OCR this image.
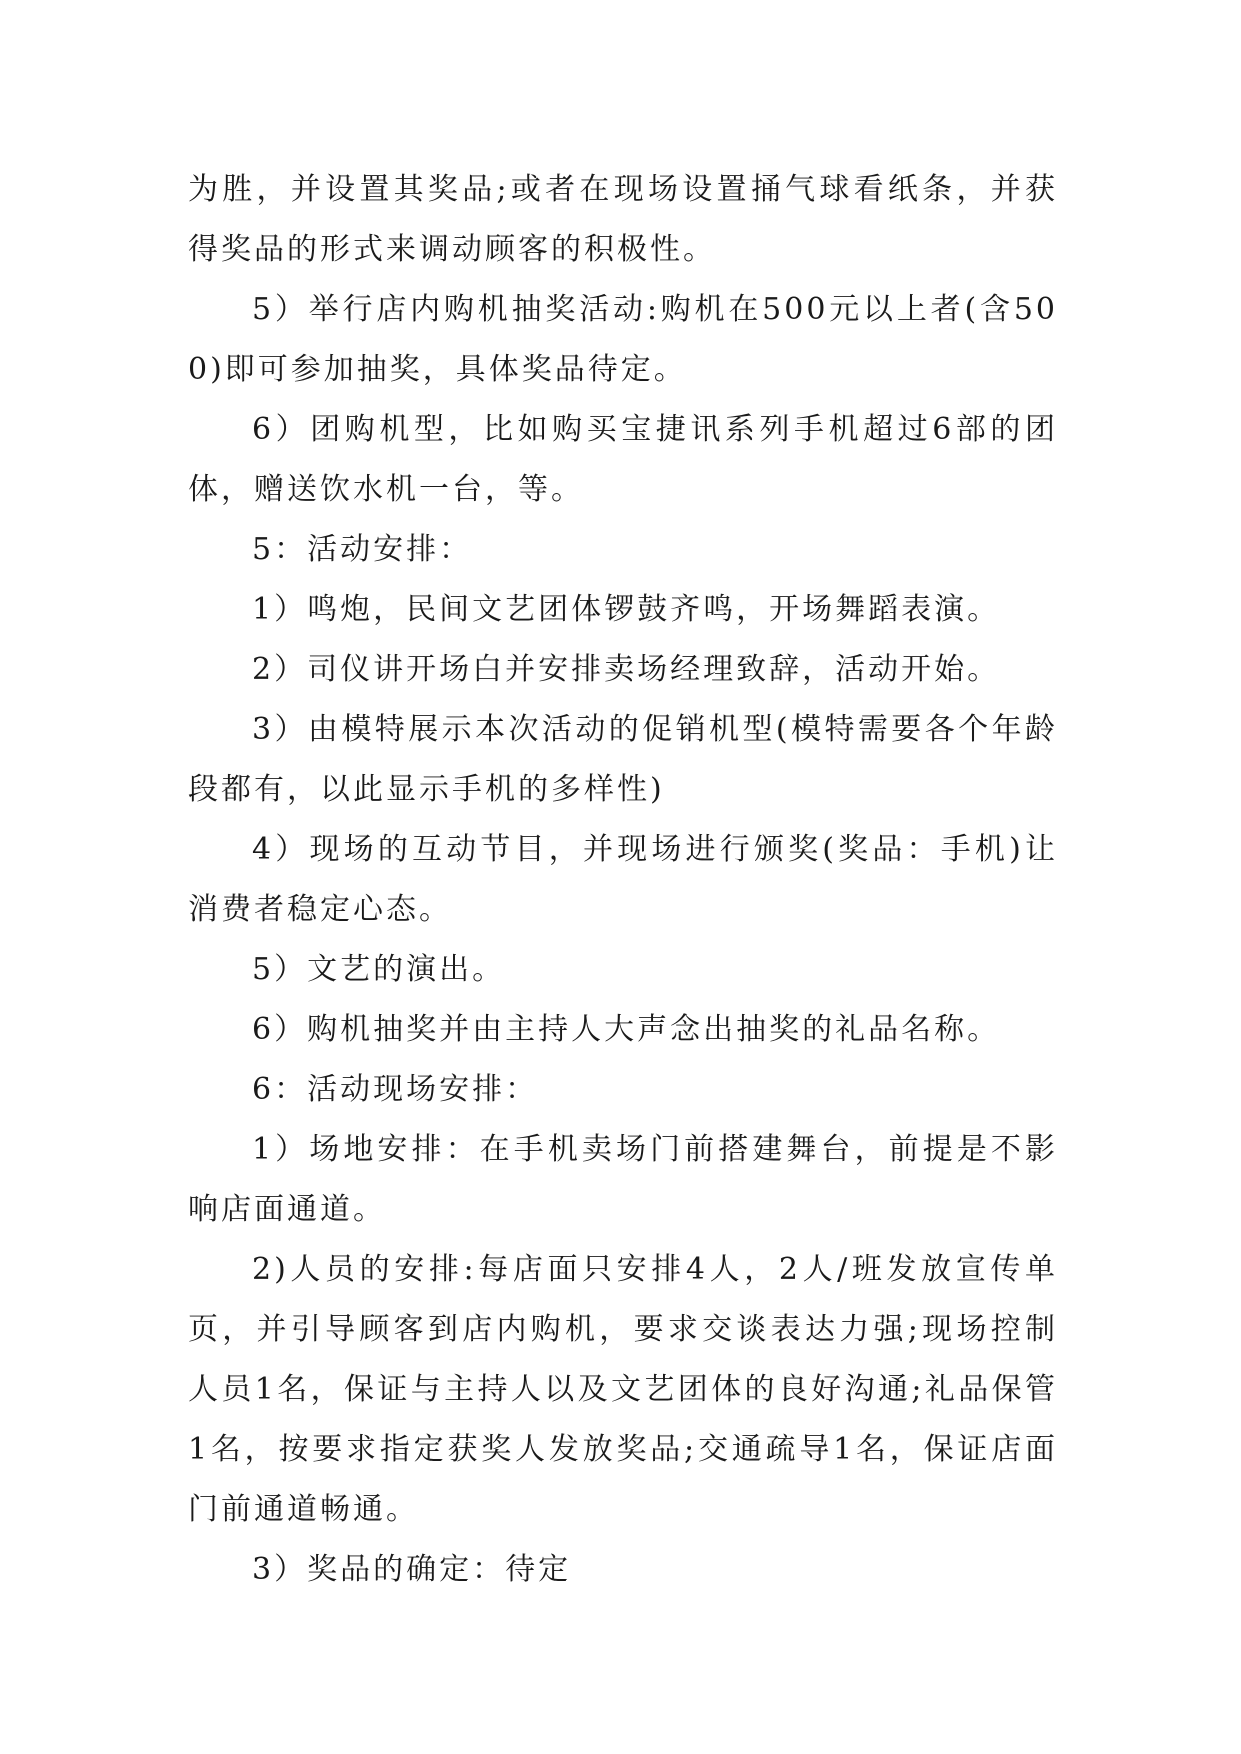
为胜，并设置其奖品;或者在现场设置捅气球看纸条，并获得奖品的形式来调动顾客的积极性。

5）举行店内购机抽奖活动:购机在500元以上者(含500)即可参加抽奖，具体奖品待定。

6）团购机型，比如购买宝捷讯系列手机超过6部的团体，赠送饮水机一台，等。

5：活动安排：

1）鸣炮，民间文艺团体锣鼓齐鸣，开场舞蹈表演。

2）司仪讲开场白并安排卖场经理致辞，活动开始。

3）由模特展示本次活动的促销机型(模特需要各个年龄段都有，以此显示手机的多样性)

4）现场的互动节目，并现场进行颁奖(奖品：手机)让消费者稳定心态。

5）文艺的演出。

6）购机抽奖并由主持人大声念出抽奖的礼品名称。

6：活动现场安排：

1）场地安排：在手机卖场门前搭建舞台，前提是不影响店面通道。

2)人员的安排:每店面只安排4人，2人/班发放宣传单页，并引导顾客到店内购机，要求交谈表达力强;现场控制人员1名，保证与主持人以及文艺团体的良好沟通;礼品保管1名，按要求指定获奖人发放奖品;交通疏导1名，保证店面门前通道畅通。

3）奖品的确定：待定
